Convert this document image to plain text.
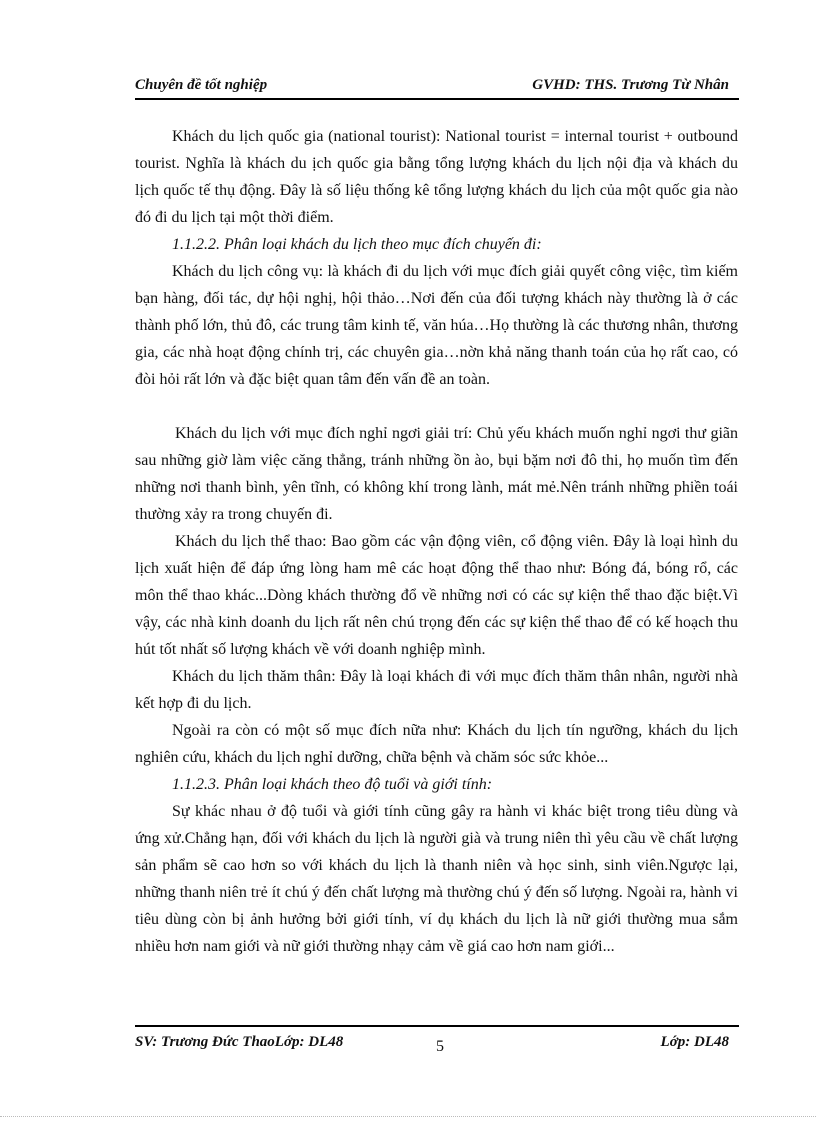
Chuyên đề tốt nghiệp	GVHD: THS. Trương Từ Nhân

Khách du lịch quốc gia (national tourist): National tourist = internal tourist + outbound tourist. Nghĩa là khách du ịch quốc gia bằng tổng lượng khách du lịch nội địa và khách du lịch quốc tế thụ động. Đây là số liệu thống kê tổng lượng khách du lịch của một quốc gia nào đó đi du lịch tại một thời điểm.

1.1.2.2. Phân loại khách du lịch theo mục đích chuyến đi:

Khách du lịch công vụ: là khách đi du lịch với mục đích giải quyết công việc, tìm kiếm bạn hàng, đối tác, dự hội nghị, hội thảo…Nơi đến của đối tượng khách này thường là ở các thành phố lớn, thủ đô, các trung tâm kinh tế, văn húa…Họ thường là các thương nhân, thương gia, các nhà hoạt động chính trị, các chuyên gia…nờn khả năng thanh toán của họ rất cao, có đòi hỏi rất lớn và đặc biệt quan tâm đến vấn đề an toàn.

Khách du lịch với mục đích nghỉ ngơi giải trí: Chủ yếu khách muốn nghỉ ngơi thư giãn sau những giờ làm việc căng thẳng, tránh những ồn ào, bụi bặm nơi đô thi, họ muốn tìm đến những nơi thanh bình, yên tĩnh, có không khí trong lành, mát mẻ.Nên tránh những phiền toái thường xảy ra trong chuyến đi.

Khách du lịch thể thao: Bao gồm các vận động viên, cổ động viên. Đây là loại hình du lịch xuất hiện để đáp ứng lòng ham mê các hoạt động thể thao như: Bóng đá, bóng rổ, các môn thể thao khác...Dòng khách thường đổ về những nơi có các sự kiện thể thao đặc biệt.Vì vậy, các nhà kinh doanh du lịch rất nên chú trọng đến các sự kiện thể thao để có kế hoạch thu hút tốt nhất số lượng khách về với doanh nghiệp mình.

Khách du lịch thăm thân: Đây là loại khách đi với mục đích thăm thân nhân, người nhà kết hợp đi du lịch.

Ngoài ra còn có một số mục đích nữa như: Khách du lịch tín ngưỡng, khách du lịch nghiên cứu, khách du lịch nghỉ dưỡng, chữa bệnh và chăm sóc sức khỏe...

1.1.2.3. Phân loại khách theo độ tuổi và giới tính:

Sự khác nhau ở độ tuổi và giới tính cũng gây ra hành vi khác biệt trong tiêu dùng và ứng xử.Chẳng hạn, đối với khách du lịch là người già và trung niên thì yêu cầu về chất lượng sản phẩm sẽ cao hơn so với khách du lịch là thanh niên và học sinh, sinh viên.Ngược lại, những thanh niên trẻ ít chú ý đến chất lượng mà thường chú ý đến số lượng. Ngoài ra, hành vi tiêu dùng còn bị ảnh hưởng bởi giới tính, ví dụ khách du lịch là nữ giới thường mua sắm nhiều hơn nam giới và nữ giới thường nhạy cảm về giá cao hơn nam giới...

SV: Trương Đức ThaoLớp: DL48	5	Lớp: DL48
